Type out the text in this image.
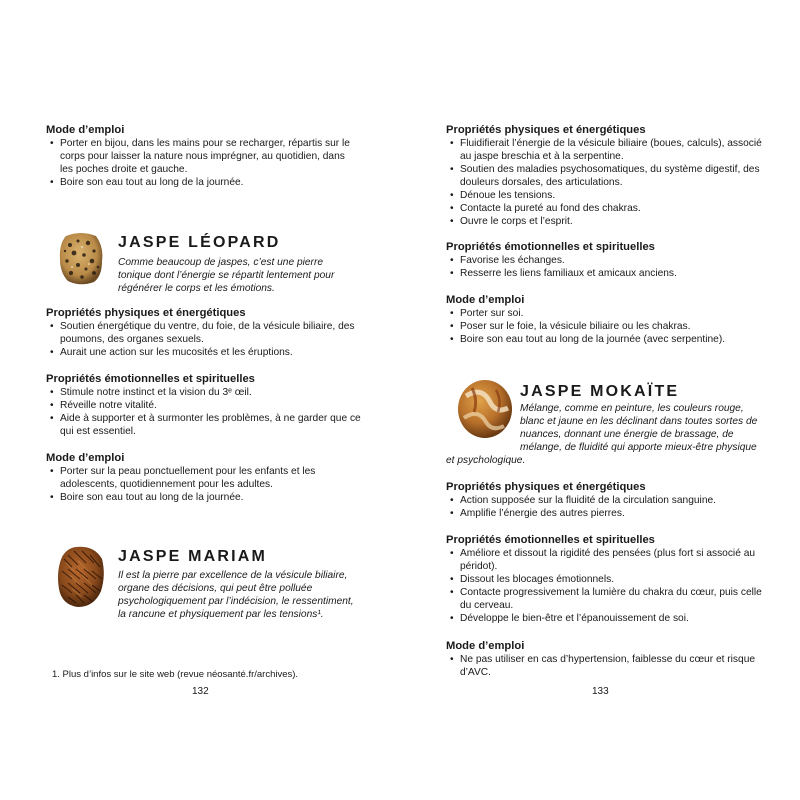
Mode d’emploi

• Porter en bijou, dans les mains pour se recharger, répartis sur le corps pour laisser la nature nous imprégner, au quotidien, dans les poches droite et gauche.
• Boire son eau tout au long de la journée.
JASPE LÉOPARD
Comme beaucoup de jaspes, c’est une pierre tonique dont l’énergie se répartit lentement pour régénérer le corps et les émotions.

Propriétés physiques et énergétiques

• Soutien énergétique du ventre, du foie, de la vésicule biliaire, des poumons, des organes sexuels.
• Aurait une action sur les mucosités et les éruptions.

Propriétés émotionnelles et spirituelles

• Stimule notre instinct et la vision du 3ᵉ œil.
• Réveille notre vitalité.
• Aide à supporter et à surmonter les problèmes, à ne garder que ce qui est essentiel.

Mode d’emploi

• Porter sur la peau ponctuellement pour les enfants et les adolescents, quotidiennement pour les adultes.
• Boire son eau tout au long de la journée.
JASPE MARIAM
Il est la pierre par excellence de la vésicule biliaire, organe des décisions, qui peut être polluée psychologiquement par l’indécision, le ressentiment, la rancune et physiquement par les tensions¹.
1. Plus d’infos sur le site web (revue néosanté.fr/archives).
132

Propriétés physiques et énergétiques

• Fluidifierait l’énergie de la vésicule biliaire (boues, calculs), associé au jaspe breschia et à la serpentine.
• Soutien des maladies psychosomatiques, du système digestif, des douleurs dorsales, des articulations.
• Dénoue les tensions.
• Contacte la pureté au fond des chakras.
• Ouvre le corps et l’esprit.

Propriétés émotionnelles et spirituelles

• Favorise les échanges.
• Resserre les liens familiaux et amicaux anciens.

Mode d’emploi

• Porter sur soi.
• Poser sur le foie, la vésicule biliaire ou les chakras.
• Boire son eau tout au long de la journée (avec serpentine).
JASPE MOKAÏTE
Mélange, comme en peinture, les couleurs rouge, blanc et jaune en les déclinant dans toutes sortes de nuances, donnant une énergie de brassage, de mélange, de fluidité qui apporte mieux-être physique et psychologique.

Propriétés physiques et énergétiques

• Action supposée sur la fluidité de la circulation sanguine.
• Amplifie l’énergie des autres pierres.

Propriétés émotionnelles et spirituelles

• Améliore et dissout la rigidité des pensées (plus fort si associé au péridot).
• Dissout les blocages émotionnels.
• Contacte progressivement la lumière du chakra du cœur, puis celle du cerveau.
• Développe le bien-être et l’épanouissement de soi.

Mode d’emploi

• Ne pas utiliser en cas d’hypertension, faiblesse du cœur et risque d’AVC.
133
